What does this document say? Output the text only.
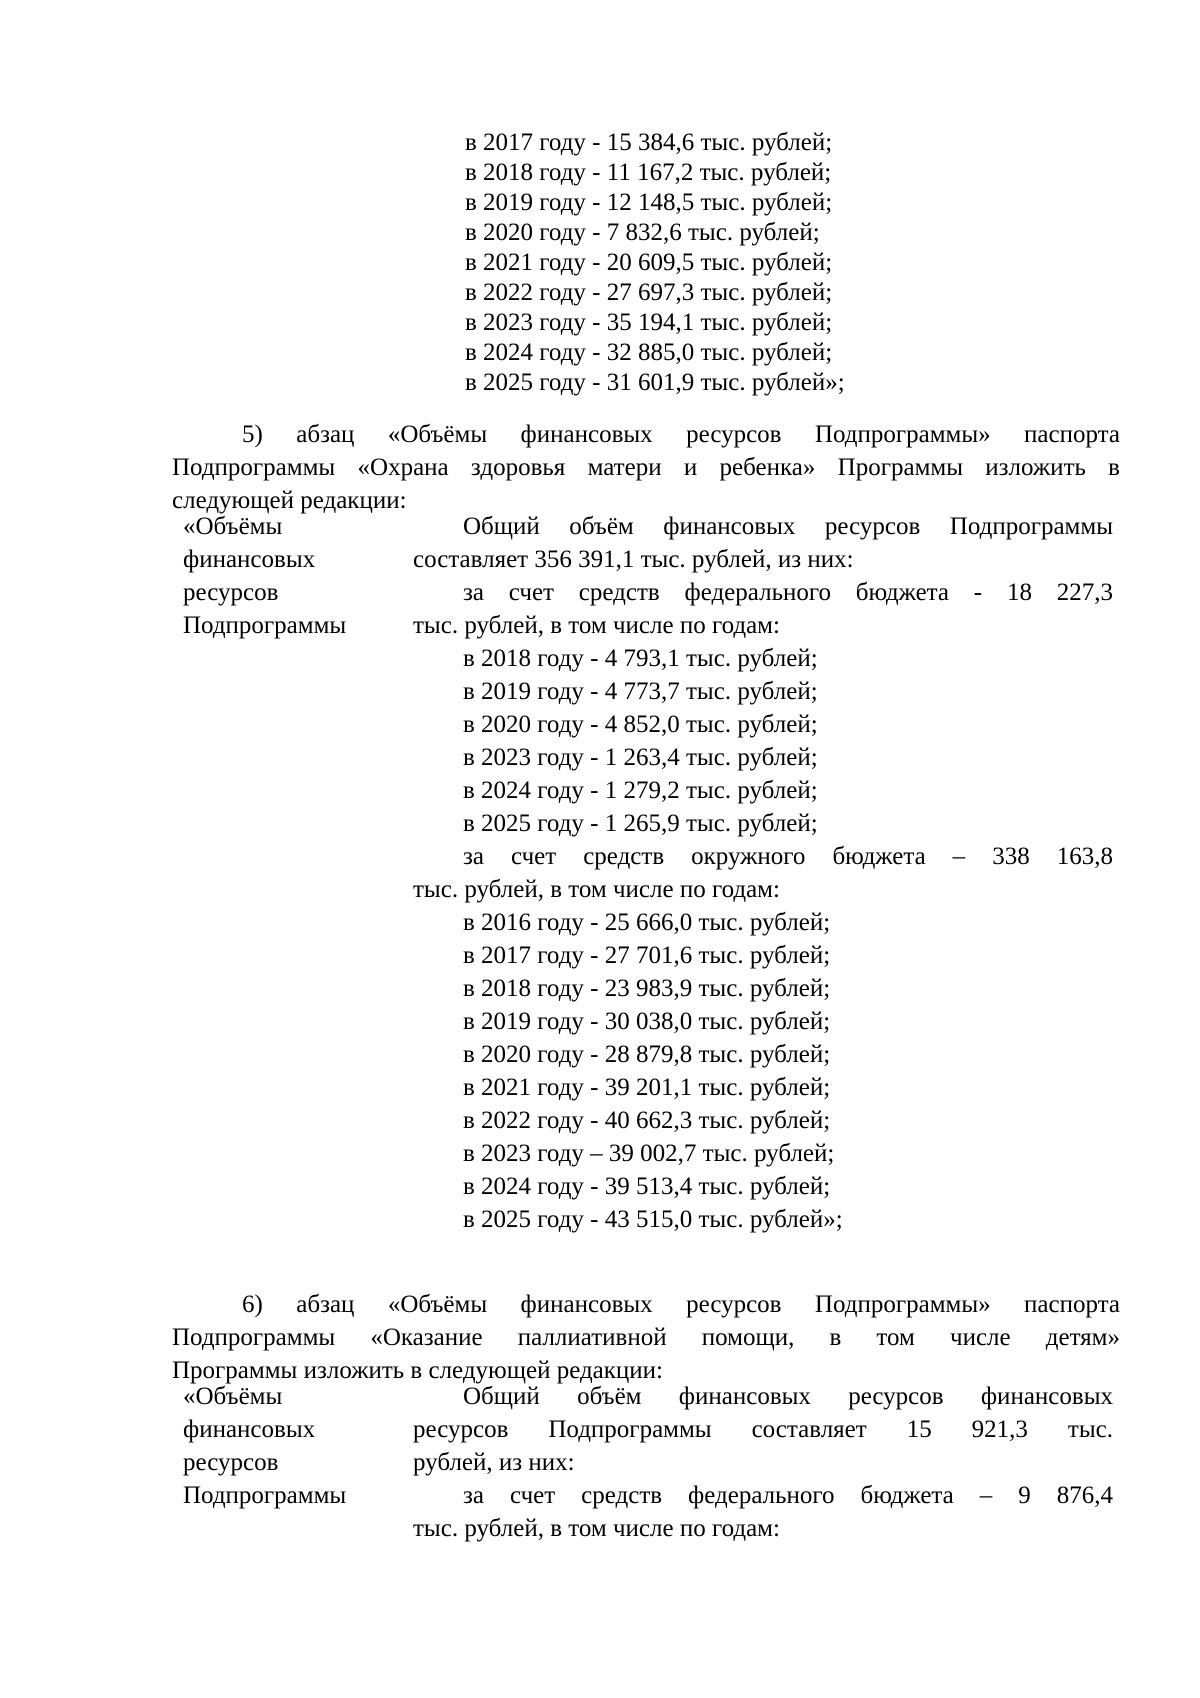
в 2017 году - 15 384,6 тыс. рублей;
в 2018 году - 11 167,2 тыс. рублей;
в 2019 году - 12 148,5 тыс. рублей;
в 2020 году - 7 832,6 тыс. рублей;
в 2021 году - 20 609,5 тыс. рублей;
в 2022 году - 27 697,3 тыс. рублей;
в 2023 году - 35 194,1 тыс. рублей;
в 2024 году - 32 885,0 тыс. рублей;
в 2025 году - 31 601,9 тыс. рублей»;
5) абзац «Объёмы финансовых ресурсов Подпрограммы» паспорта
Подпрограммы «Охрана здоровья матери и ребенка» Программы изложить в
следующей редакции:
«Объёмы
финансовых
ресурсов
Подпрограммы
Общий объём финансовых ресурсов Подпрограммы
составляет 356 391,1 тыс. рублей, из них:
за счет средств федерального бюджета - 18 227,3
тыс. рублей, в том числе по годам:
в 2018 году - 4 793,1 тыс. рублей;
в 2019 году - 4 773,7 тыс. рублей;
в 2020 году - 4 852,0 тыс. рублей;
в 2023 году - 1 263,4 тыс. рублей;
в 2024 году - 1 279,2 тыс. рублей;
в 2025 году - 1 265,9 тыс. рублей;
за счет средств окружного бюджета – 338 163,8
тыс. рублей, в том числе по годам:
в 2016 году - 25 666,0 тыс. рублей;
в 2017 году - 27 701,6 тыс. рублей;
в 2018 году - 23 983,9 тыс. рублей;
в 2019 году - 30 038,0 тыс. рублей;
в 2020 году - 28 879,8 тыс. рублей;
в 2021 году - 39 201,1 тыс. рублей;
в 2022 году - 40 662,3 тыс. рублей;
в 2023 году – 39 002,7 тыс. рублей;
в 2024 году - 39 513,4 тыс. рублей;
в 2025 году - 43 515,0 тыс. рублей»;
6) абзац «Объёмы финансовых ресурсов Подпрограммы» паспорта
Подпрограммы «Оказание паллиативной помощи, в том числе детям»
Программы изложить в следующей редакции:
«Объёмы
финансовых
ресурсов
Подпрограммы
Общий объём финансовых ресурсов финансовых
ресурсов Подпрограммы составляет 15 921,3 тыс.
рублей, из них:
за счет средств федерального бюджета – 9 876,4
тыс. рублей, в том числе по годам:
